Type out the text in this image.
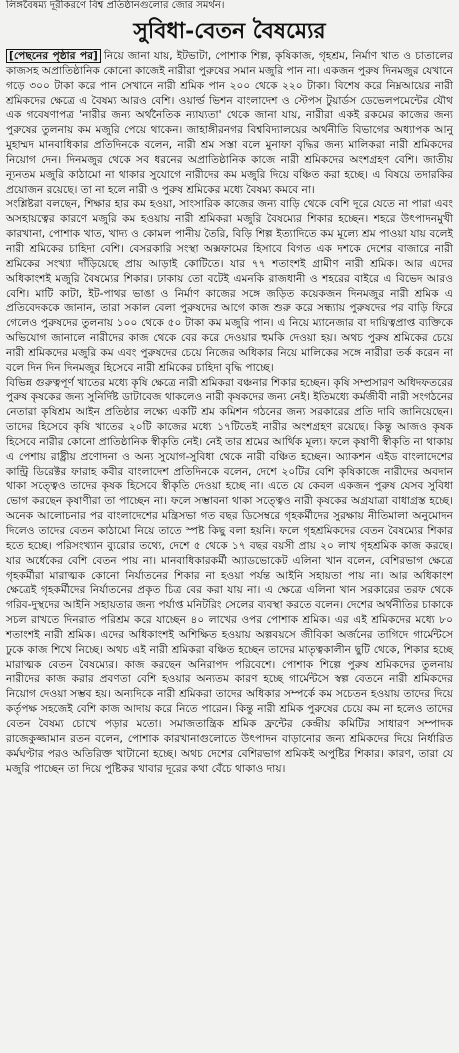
লিঙ্গবৈষম্য দূরীকরণে বিশ্ব প্রতিষ্ঠানগুলোর জোর সমর্থন।
সুবিধা-বেতন বৈষম্যের

[পেছনের পৃষ্ঠার পর] নিয়ে জানা যায়, ইটভাটা, পোশাক শিল্প, কৃষিকাজ, গৃহশ্রম, নির্মাণ খাত ও চাতালের কাজসহ অপ্রাতিষ্ঠানিক কোনো কাজেই নারীরা পুরুষের সমান মজুরি পান না। একজন পুরুষ দিনমজুর যেখানে গড়ে ৩০০ টাকা করে পান সেখানে নারী শ্রমিক পান ২০০ থেকে ২২০ টাকা। বিশেষ করে নিম্নআয়ের নারী শ্রমিকদের ক্ষেত্রে এ বৈষম্য আরও বেশি। ওয়ার্ল্ড ভিশন বাংলাদেশ ও স্টেপস টুয়ার্ডস ডেভেলপমেন্টের যৌথ এক গবেষণাপত্র 'নারীর জন্য অর্থনৈতিক ন্যায্যতা' থেকে জানা যায়, নারীরা একই রকমের কাজের জন্য পুরুষের তুলনায় কম মজুরি পেয়ে থাকেন। জাহাঙ্গীরনগর বিশ্ববিদ্যালয়ের অর্থনীতি বিভাগের অধ্যাপক আনু মুহাম্মদ মানবাধিকার প্রতিদিনকে বলেন, নারী শ্রম সস্তা বলে মুনাফা বৃদ্ধির জন্য মালিকরা নারী শ্রমিকদের নিয়োগ দেন। দিনমজুর থেকে সব ধরনের অপ্রাতিষ্ঠানিক কাজে নারী শ্রমিকদের অংশগ্রহণ বেশি। জাতীয় ন্যূনতম মজুরি কাঠামো না থাকার সুযোগে নারীদের কম মজুরি দিয়ে বঞ্চিত করা হচ্ছে। এ বিষয়ে তদারকির প্রয়োজন রয়েছে। তা না হলে নারী ও পুরুষ শ্রমিকের মধ্যে বৈষম্য কমবে না।

সংশ্লিষ্টরা বলছেন, শিক্ষার হার কম হওয়া, সাংসারিক কাজের জন্য বাড়ি থেকে বেশি দূরে যেতে না পারা এবং অসহায়ত্বের কারণে মজুরি কম হওয়ায় নারী শ্রমিকরা মজুরি বৈষম্যের শিকার হচ্ছেন। শহরে উৎপাদনমুখী কারখানা, পোশাক খাত, খাদ্য ও কোমল পানীয় তৈরি, বিড়ি শিল্প ইত্যাদিতে কম মূল্যে শ্রম পাওয়া যায় বলেই নারী শ্রমিকের চাহিদা বেশি। বেসরকারি সংস্থা অক্সফামের হিসাবে বিগত এক দশকে দেশের বাজারে নারী শ্রমিকের সংখ্যা দাঁড়িয়েছে প্রায় আড়াই কোটিতে। যার ৭৭ শতাংশই গ্রামীণ নারী শ্রমিক। আর এদের অধিকাংশই মজুরি বৈষম্যের শিকার। ঢাকায় তো বটেই এমনকি রাজধানী ও শহরের বাইরে এ বিভেদ আরও বেশি। মাটি কাটা, ইট-পাথর ভাঙা ও নির্মাণ কাজের সঙ্গে জড়িত কয়েকজন দিনমজুর নারী শ্রমিক এ প্রতিবেদককে জানান, তারা সকাল বেলা পুরুষদের আগে কাজ শুরু করে সন্ধ্যায় পুরুষদের পর বাড়ি ফিরে গেলেও পুরুষদের তুলনায় ১০০ থেকে ৫০ টাকা কম মজুরি পান। এ নিয়ে ম্যানেজার বা দায়িত্বপ্রাপ্ত ব্যক্তিকে অভিযোগ জানালে নারীদের কাজ থেকে বের করে দেওয়ার হুমকি দেওয়া হয়। অথচ পুরুষ শ্রমিকের চেয়ে নারী শ্রমিকদের মজুরি কম এবং পুরুষদের চেয়ে নিজের অধিকার নিয়ে মালিকের সঙ্গে নারীরা তর্ক করেন না বলে দিন দিন দিনমজুর হিসেবে নারী শ্রমিকের চাহিদা বৃদ্ধি পাচ্ছে।

বিভিন্ন গুরুত্বপূর্ণ খাতের মধ্যে কৃষি ক্ষেত্রে নারী শ্রমিকরা বঞ্চনার শিকার হচ্ছেন। কৃষি সম্প্রসারণ অধিদফতরের পুরুষ কৃষকের জন্য সুনির্দিষ্ট ডাটাবেজ থাকলেও নারী কৃষকদের জন্য নেই। ইতিমধ্যে কর্মজীবী নারী সংগঠনের নেতারা কৃষিশ্রম আইন প্রতিষ্ঠার লক্ষ্যে একটি শ্রম কমিশন গঠনের জন্য সরকারের প্রতি দাবি জানিয়েছেন। তাদের হিসেবে কৃষি খাতের ২০টি কাজের মধ্যে ১৭টিতেই নারীর অংশগ্রহণ রয়েছে। কিন্তু আজও কৃষক হিসেবে নারীর কোনো প্রাতিষ্ঠানিক স্বীকৃতি নেই। নেই তার শ্রমের আর্থিক মূল্য। ফলে কৃষাণী স্বীকৃতি না থাকায় এ পেশায় রাষ্ট্রীয় প্রণোদনা ও অন্য সুযোগ-সুবিধা থেকে নারী বঞ্চিত হচ্ছেন। অ্যাকশন এইড বাংলাদেশের কান্ট্রি ডিরেক্টর ফারাহ কবীর বাংলাদেশ প্রতিদিনকে বলেন, দেশে ২০টির বেশি কৃষিকাজে নারীদের অবদান থাকা সত্ত্বেও তাদের কৃষক হিসেবে স্বীকৃতি দেওয়া হচ্ছে না। এতে যে কেবল একজন পুরুষ যেসব সুবিধা ভোগ করছেন কৃষাণীরা তা পাচ্ছেন না। ফলে সম্ভাবনা থাকা সত্ত্বেও নারী কৃষকের অগ্রযাত্রা বাধাগ্রস্ত হচ্ছে। অনেক আলোচনার পর বাংলাদেশের মন্ত্রিসভা গত বছর ডিসেম্বরে গৃহকর্মীদের সুরক্ষায় নীতিমালা অনুমোদন দিলেও তাদের বেতন কাঠামো নিয়ে তাতে স্পষ্ট কিছু বলা হয়নি। ফলে গৃহশ্রমিকদের বেতন বৈষম্যের শিকার হতে হচ্ছে। পরিসংখ্যান ব্যুরোর তথ্যে, দেশে ৫ থেকে ১৭ বছর বয়সী প্রায় ২০ লাখ গৃহশ্রমিক কাজ করছে। যার অর্ধেকের বেশি বেতন পায় না। মানবাধিকারকর্মী অ্যাডভোকেট এলিনা খান বলেন, বেশিরভাগ ক্ষেত্রে গৃহকর্মীরা মারাত্মক কোনো নির্যাতনের শিকার না হওয়া পর্যন্ত আইনি সহায়তা পায় না। আর অধিকাংশ ক্ষেত্রেই গৃহকর্মীদের নির্যাতনের প্রকৃত চিত্র বের করা যায় না। এ ক্ষেত্রে এলিনা খান সরকারের তরফ থেকে গরিব-দুস্থদের আইনি সহায়তার জন্য পর্যাপ্ত মনিটরিং সেলের ব্যবস্থা করতে বলেন। দেশের অর্থনীতির চাকাকে সচল রাখতে দিনরাত পরিশ্রম করে যাচ্ছেন ৪০ লাখের ওপর পোশাক শ্রমিক। এর এই শ্রমিকদের মধ্যে ৮০ শতাংশই নারী শ্রমিক। এদের অধিকাংশই অশিক্ষিত হওয়ায় অল্পবয়সে জীবিকা অর্জনের তাগিদে গার্মেন্টসে ঢুকে কাজ শিখে নিচ্ছে। অথচ এই নারী শ্রমিকরা বঞ্চিত হচ্ছেন তাদের মাতৃত্বকালীন ছুটি থেকে, শিকার হচ্ছে মারাত্মক বেতন বৈষম্যের। কাজ করছেন অনিরাপদ পরিবেশে। পোশাক শিল্পে পুরুষ শ্রমিকদের তুলনায় নারীদের কাজ করার প্রবণতা বেশি হওয়ার অন্যতম কারণ হচ্ছে গার্মেন্টসে স্বল্প বেতনে নারী শ্রমিকদের নিয়োগ দেওয়া সম্ভব হয়। অন্যদিকে নারী শ্রমিকরা তাদের অধিকার সম্পর্কে কম সচেতন হওয়ায় তাদের দিয়ে কর্তৃপক্ষ সহজেই বেশি কাজ আদায় করে নিতে পারেন। কিন্তু নারী শ্রমিক পুরুষের চেয়ে কম না হলেও তাদের বেতন বৈষম্য চোখে পড়ার মতো। সমাজতান্ত্রিক শ্রমিক ফ্রন্টের কেন্দ্রীয় কমিটির সাধারণ সম্পাদক রাজেকুজ্জামান রতন বলেন, পোশাক কারখানাগুলোতে উৎপাদন বাড়ানোর জন্য শ্রমিকদের দিয়ে নির্ধারিত কর্মঘণ্টার পরও অতিরিক্ত খাটানো হচ্ছে। অথচ দেশের বেশিরভাগ শ্রমিকই অপুষ্টির শিকার। কারণ, তারা যে মজুরি পাচ্ছেন তা দিয়ে পুষ্টিকর খাবার দূরের কথা বেঁচে থাকাও দায়।
